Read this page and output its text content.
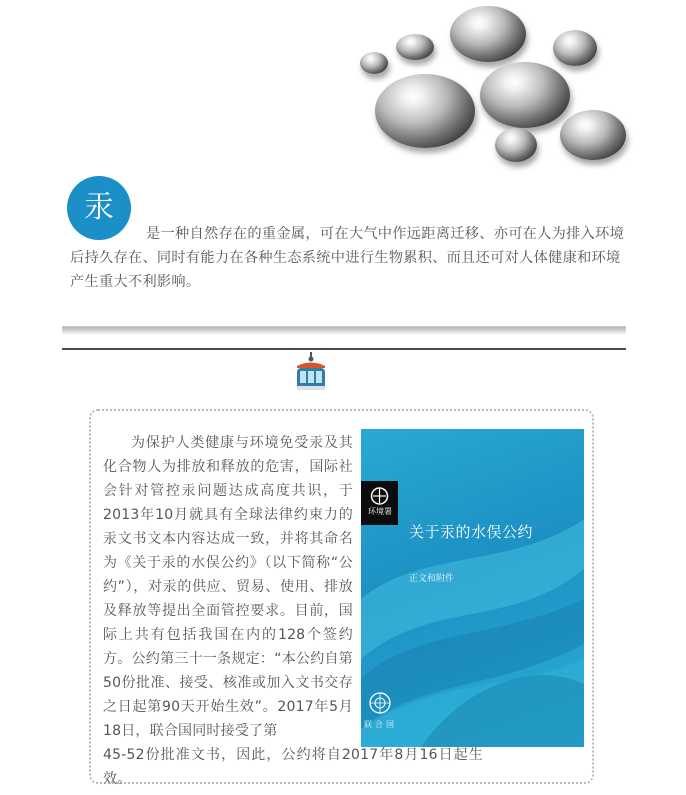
汞

是一种自然存在的重金属，可在大气中作远距离迁移、亦可在人为排入环境后持久存在、同时有能力在各种生态系统中进行生物累积、而且还可对人体健康和环境产生重大不利影响。

为保护人类健康与环境免受汞及其化合物人为排放和释放的危害，国际社会针对管控汞问题达成高度共识，于2013年10月就具有全球法律约束力的汞文书文本内容达成一致，并将其命名为《关于汞的水俣公约》（以下简称“公约”），对汞的供应、贸易、使用、排放及释放等提出全面管控要求。目前，国际上共有包括我国在内的128个签约方。公约第三十一条规定：“本公约自第50份批准、接受、核准或加入文书交存之日起第90天开始生效”。2017年5月18日，联合国同时接受了第
45-52份批准文书，因此，公约将自2017年8月16日起生效。

环境署
关于汞的水俣公约
正文和附件
联合国
